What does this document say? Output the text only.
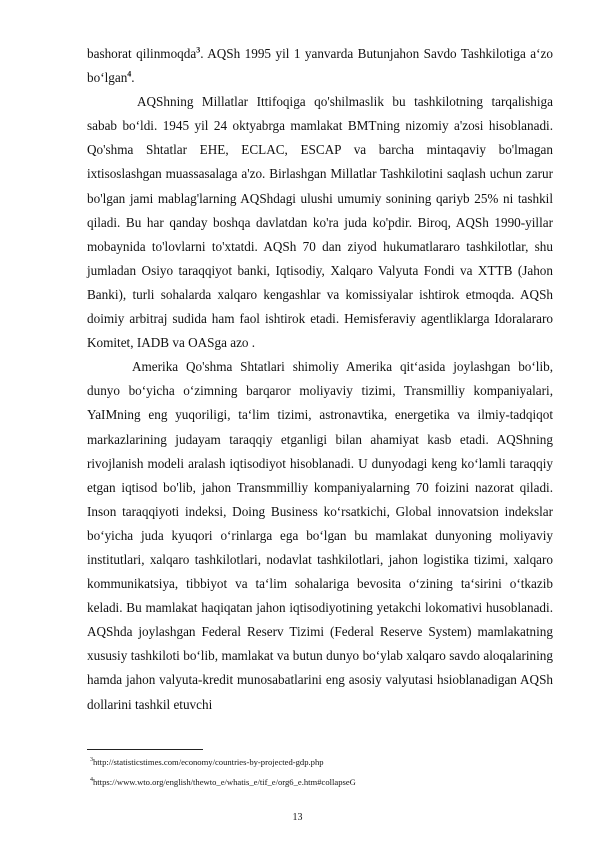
bashorat qilinmoqda$^3$. AQSh 1995 yil 1 yanvarda Butunjahon Savdo Tashkilotiga a‘zo bo‘lgan$^4$.

AQShning Millatlar Ittifoqiga qo'shilmaslik bu tashkilotning tarqalishiga sabab bo‘ldi. 1945 yil 24 oktyabrga mamlakat BMTning nizomiy a'zosi hisoblanadi. Qo'shma Shtatlar EHE, ECLAC, ESCAP va barcha mintaqaviy bo'lmagan ixtisoslashgan muassasalaga a'zo. Birlashgan Millatlar Tashkilotini saqlash uchun zarur bo'lgan jami mablag'larning AQShdagi ulushi umumiy sonining qariyb 25% ni tashkil qiladi. Bu har qanday boshqa davlatdan ko'ra juda ko'pdir. Biroq, AQSh 1990-yillar mobaynida to'lovlarni to'xtatdi. AQSh 70 dan ziyod hukumatlararo tashkilotlar, shu jumladan Osiyo taraqqiyot banki, Iqtisodiy, Xalqaro Valyuta Fondi va XTTB (Jahon Banki), turli sohalarda xalqaro kengashlar va komissiyalar ishtirok etmoqda. AQSh doimiy arbitraj sudida ham faol ishtirok etadi. Hemisferaviy agentliklarga Idoralararo Komitet, IADB va OASga azo .

Amerika Qo'shma Shtatlari shimoliy Amerika qit‘asida joylashgan bo‘lib, dunyo bo‘yicha o‘zimning barqaror moliyaviy tizimi, Transmilliy kompaniyalari, YaIMning eng yuqoriligi, ta‘lim tizimi, astronavtika, energetika va ilmiy-tadqiqot markazlarining judayam taraqqiy etganligi bilan ahamiyat kasb etadi. AQShning rivojlanish modeli aralash iqtisodiyot hisoblanadi. U dunyodagi keng ko‘lamli taraqqiy etgan iqtisod bo'lib, jahon Transmmilliy kompaniyalarning 70 foizini nazorat qiladi. Inson taraqqiyoti indeksi, Doing Business ko‘rsatkichi, Global innovatsion indekslar bo‘yicha juda kyuqori o‘rinlarga ega bo‘lgan bu mamlakat dunyoning moliyaviy institutlari, xalqaro tashkilotlari, nodavlat tashkilotlari, jahon logistika tizimi, xalqaro kommunikatsiya, tibbiyot va ta‘lim sohalariga bevosita o‘zining ta‘sirini o‘tkazib keladi. Bu mamlakat haqiqatan jahon iqtisodiyotining yetakchi lokomativi husoblanadi. AQShda joylashgan Federal Reserv Tizimi (Federal Reserve System) mamlakatning xususiy tashkiloti bo‘lib, mamlakat va butun dunyo bo‘ylab xalqaro savdo aloqalarining hamda jahon valyuta-kredit munosabatlarini eng asosiy valyutasi hsioblanadigan AQSh dollarini tashkil etuvchi

$^3$http://statisticstimes.com/economy/countries-by-projected-gdp.php
$^4$https://www.wto.org/english/thewto_e/whatis_e/tif_e/org6_e.htm#collapseG
13
